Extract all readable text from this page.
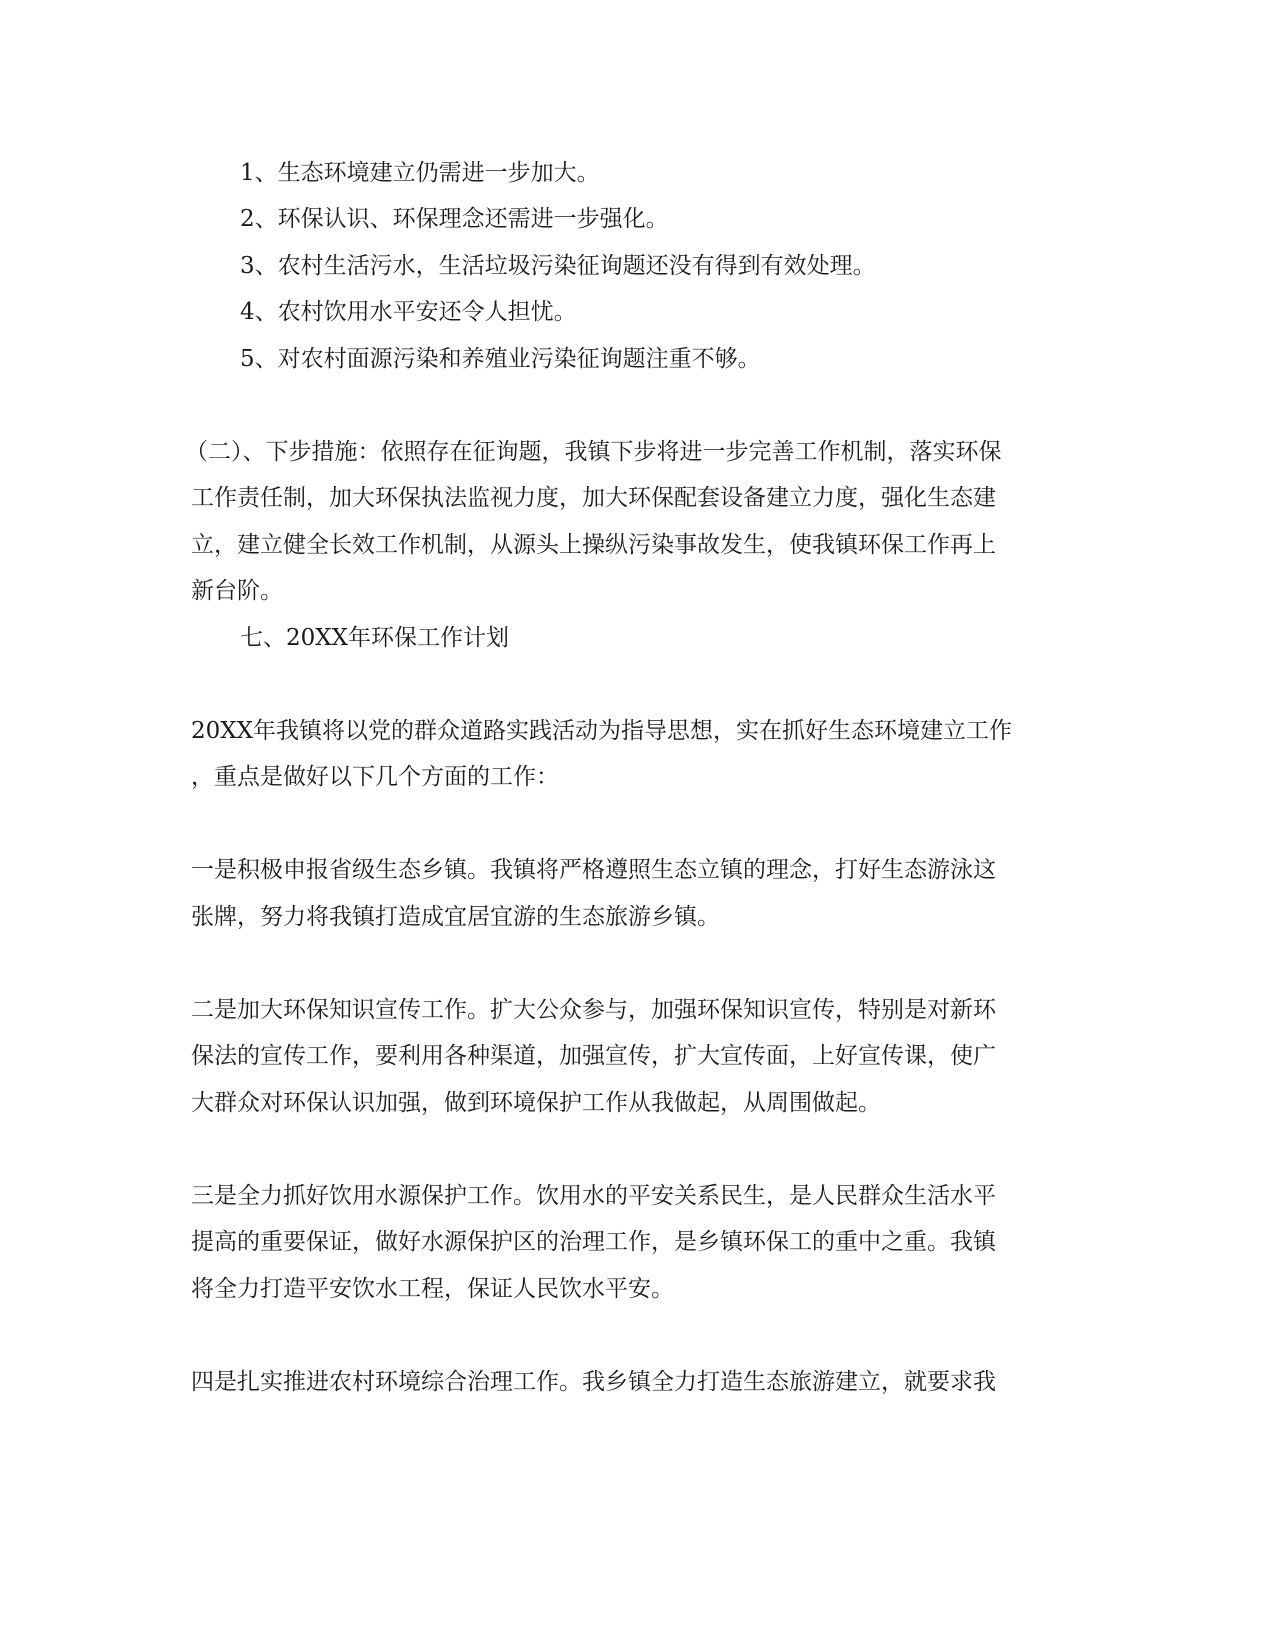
1、生态环境建立仍需进一步加大。
2、环保认识、环保理念还需进一步强化。
3、农村生活污水，生活垃圾污染征询题还没有得到有效处理。
4、农村饮用水平安还令人担忧。
5、对农村面源污染和养殖业污染征询题注重不够。
（二）、下步措施：依照存在征询题，我镇下步将进一步完善工作机制，落实环保
工作责任制，加大环保执法监视力度，加大环保配套设备建立力度，强化生态建
立，建立健全长效工作机制，从源头上操纵污染事故发生，使我镇环保工作再上
新台阶。
七、20XX年环保工作计划
20XX年我镇将以党的群众道路实践活动为指导思想，实在抓好生态环境建立工作
，重点是做好以下几个方面的工作：
一是积极申报省级生态乡镇。我镇将严格遵照生态立镇的理念，打好生态游泳这
张牌，努力将我镇打造成宜居宜游的生态旅游乡镇。
二是加大环保知识宣传工作。扩大公众参与，加强环保知识宣传，特别是对新环
保法的宣传工作，要利用各种渠道，加强宣传，扩大宣传面，上好宣传课，使广
大群众对环保认识加强，做到环境保护工作从我做起，从周围做起。
三是全力抓好饮用水源保护工作。饮用水的平安关系民生，是人民群众生活水平
提高的重要保证，做好水源保护区的治理工作，是乡镇环保工的重中之重。我镇
将全力打造平安饮水工程，保证人民饮水平安。
四是扎实推进农村环境综合治理工作。我乡镇全力打造生态旅游建立，就要求我
